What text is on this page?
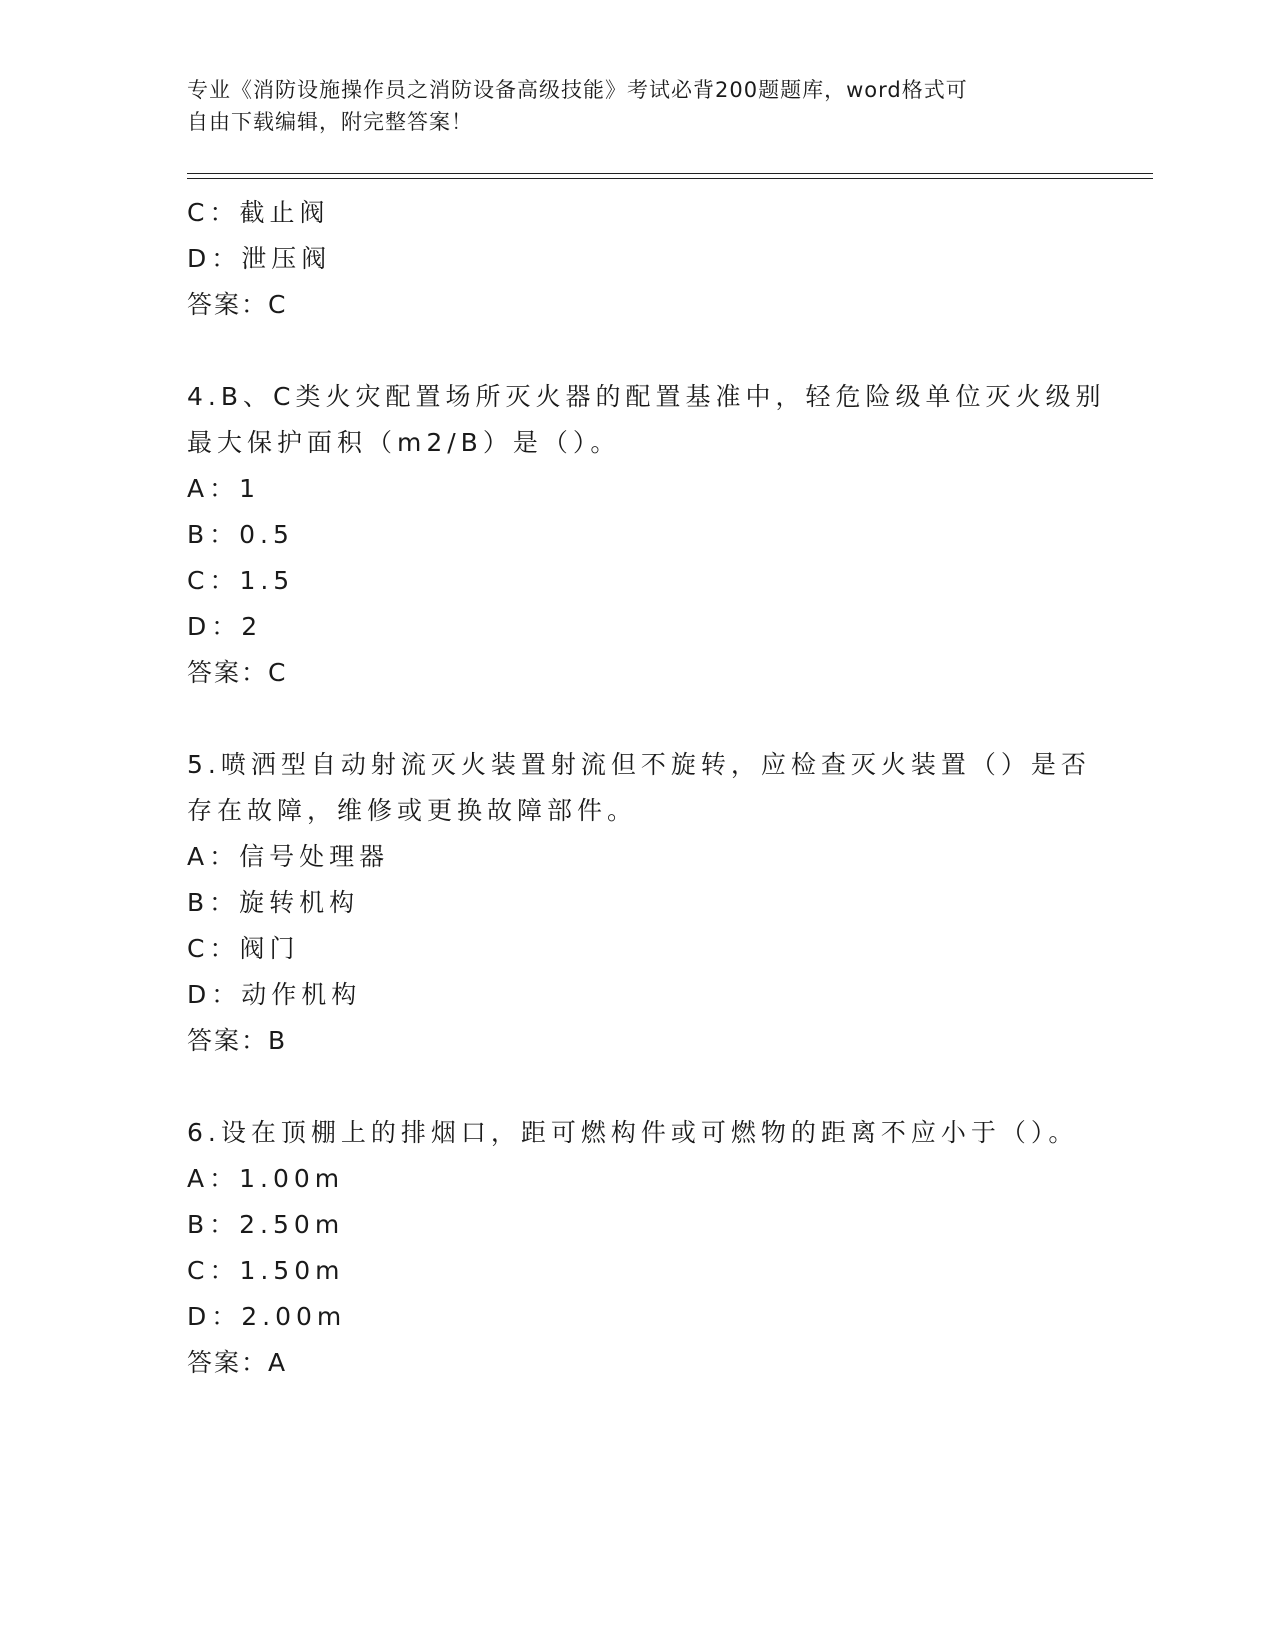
专业《消防设施操作员之消防设备高级技能》考试必背200题题库，word格式可
自由下载编辑，附完整答案！
C：截止阀
D：泄压阀
答案：C
4.B、C类火灾配置场所灭火器的配置基准中，轻危险级单位灭火级别
最大保护面积（m2/B）是（）。
A：1
B：0.5
C：1.5
D：2
答案：C
5.喷洒型自动射流灭火装置射流但不旋转，应检查灭火装置（）是否
存在故障，维修或更换故障部件。
A：信号处理器
B：旋转机构
C：阀门
D：动作机构
答案：B
6.设在顶棚上的排烟口，距可燃构件或可燃物的距离不应小于（）。
A：1.00m
B：2.50m
C：1.50m
D：2.00m
答案：A
